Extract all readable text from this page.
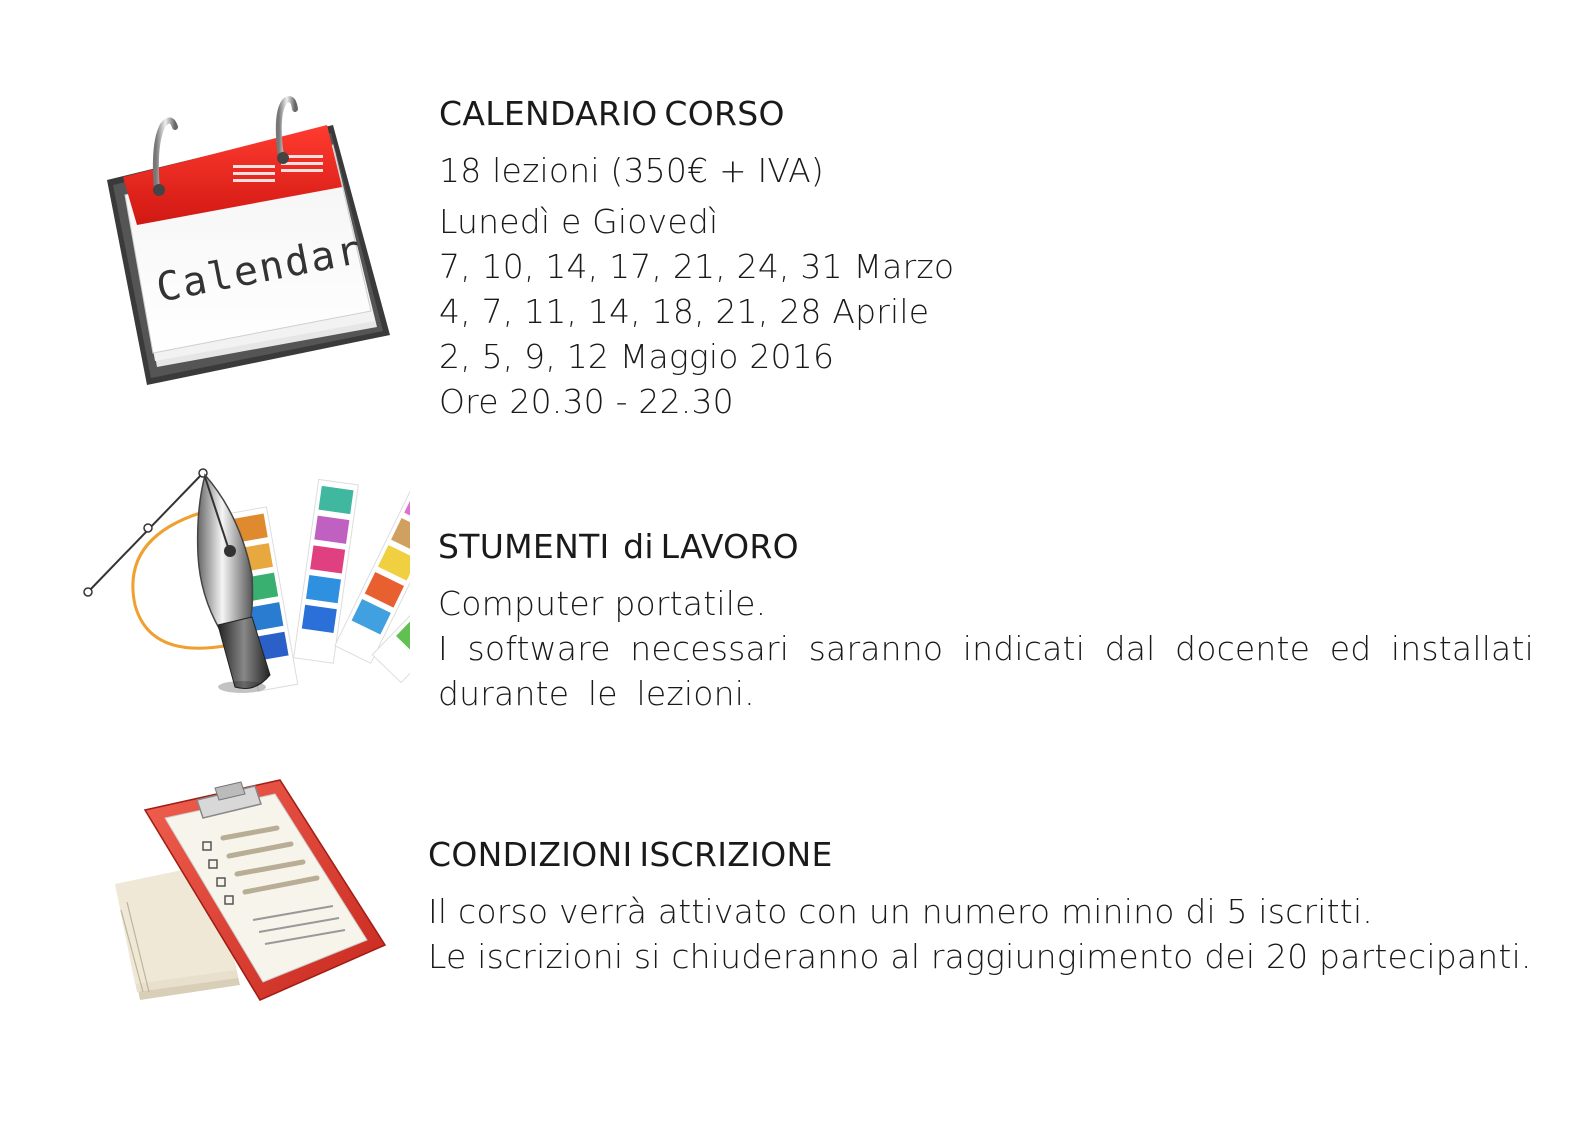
Calendar
CALENDARIO CORSO
18 lezioni (350€ + IVA)
Lunedì e Giovedì
7, 10, 14, 17, 21, 24, 31 Marzo
4, 7, 11, 14, 18, 21, 28 Aprile
2, 5, 9, 12 Maggio 2016
Ore 20.30 - 22.30
STUMENTI  di LAVORO
Computer portatile.
I software necessari saranno indicati dal docente ed installati durante le lezioni.
CONDIZIONI ISCRIZIONE
Il corso verrà attivato con un numero minino di 5 iscritti.
Le iscrizioni si chiuderanno al raggiungimento dei 20 partecipanti.
